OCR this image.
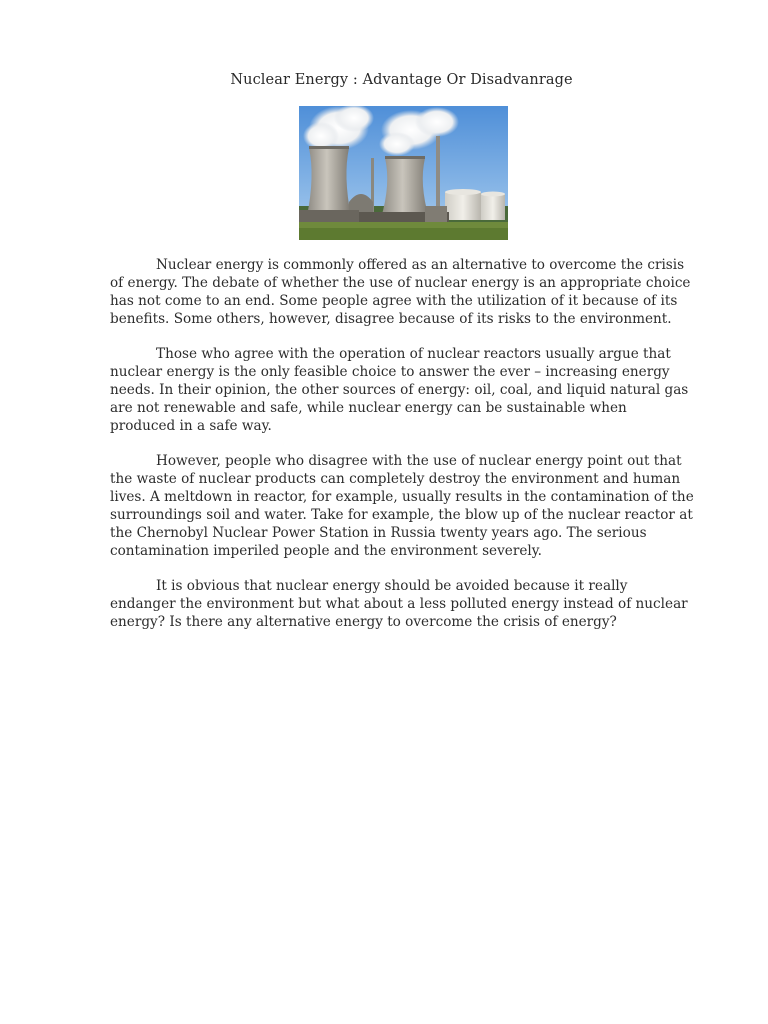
Nuclear Energy : Advantage Or Disadvanrage

Nuclear energy is commonly offered as an alternative to overcome the crisis of energy. The debate of whether the use of nuclear energy is an appropriate choice has not come to an end. Some people agree with the utilization of it because of its benefits. Some others, however, disagree because of its risks to the environment.

Those who agree with the operation of nuclear reactors usually argue that nuclear energy is the only feasible choice to answer the ever – increasing energy needs. In their opinion, the other sources of energy: oil, coal, and liquid natural gas are not renewable and safe, while nuclear energy can be sustainable when produced in a safe way.

However, people who disagree with the use of nuclear energy point out that the waste of nuclear products can completely destroy the environment and human lives. A meltdown in reactor, for example, usually results in the contamination of the surroundings soil and water. Take for example, the blow up of the nuclear reactor at the Chernobyl Nuclear Power Station in Russia twenty years ago. The serious contamination imperiled people and the environment severely.

It is obvious that nuclear energy should be avoided because it really endanger the environment but what about a less polluted energy instead of nuclear energy? Is there any alternative energy to overcome the crisis of energy?
